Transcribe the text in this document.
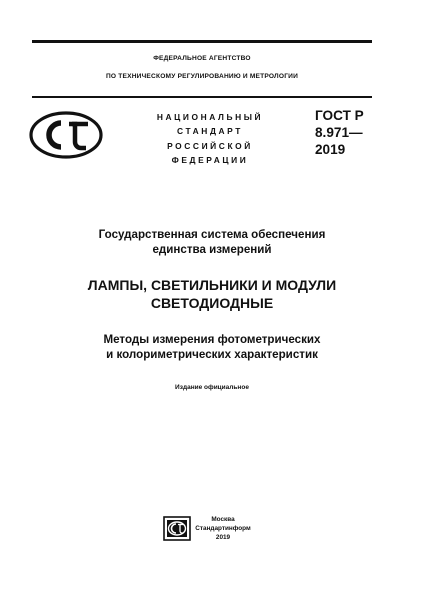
ФЕДЕРАЛЬНОЕ АГЕНТСТВО
ПО ТЕХНИЧЕСКОМУ РЕГУЛИРОВАНИЮ И МЕТРОЛОГИИ
НАЦИОНАЛЬНЫЙ
СТАНДАРТ
РОССИЙСКОЙ
ФЕДЕРАЦИИ
ГОСТ Р
8.971—
2019
Государственная система обеспечения
единства измерений
ЛАМПЫ, СВЕТИЛЬНИКИ И МОДУЛИ
СВЕТОДИОДНЫЕ
Методы измерения фотометрических
и колориметрических характеристик
Издание официальное
Москва
Стандартинформ
2019
